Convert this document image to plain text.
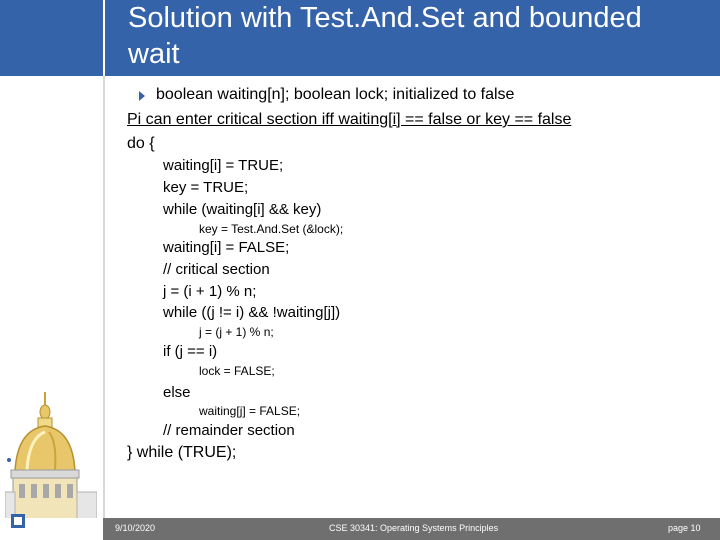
Solution with Test.And.Set and bounded
wait
boolean waiting[n]; boolean lock; initialized to false
Pi can enter critical section iff waiting[i] == false or key == false
do {
waiting[i] = TRUE;
key = TRUE;
while (waiting[i] && key)
key = Test.And.Set (&lock);
waiting[i] = FALSE;
// critical section
j = (i + 1) % n;
while ((j != i) && !waiting[j])
j = (j + 1) % n;
if (j == i)
lock = FALSE;
else
waiting[j] = FALSE;
// remainder section
} while (TRUE);
9/10/2020	CSE 30341: Operating Systems Principles	page 10
